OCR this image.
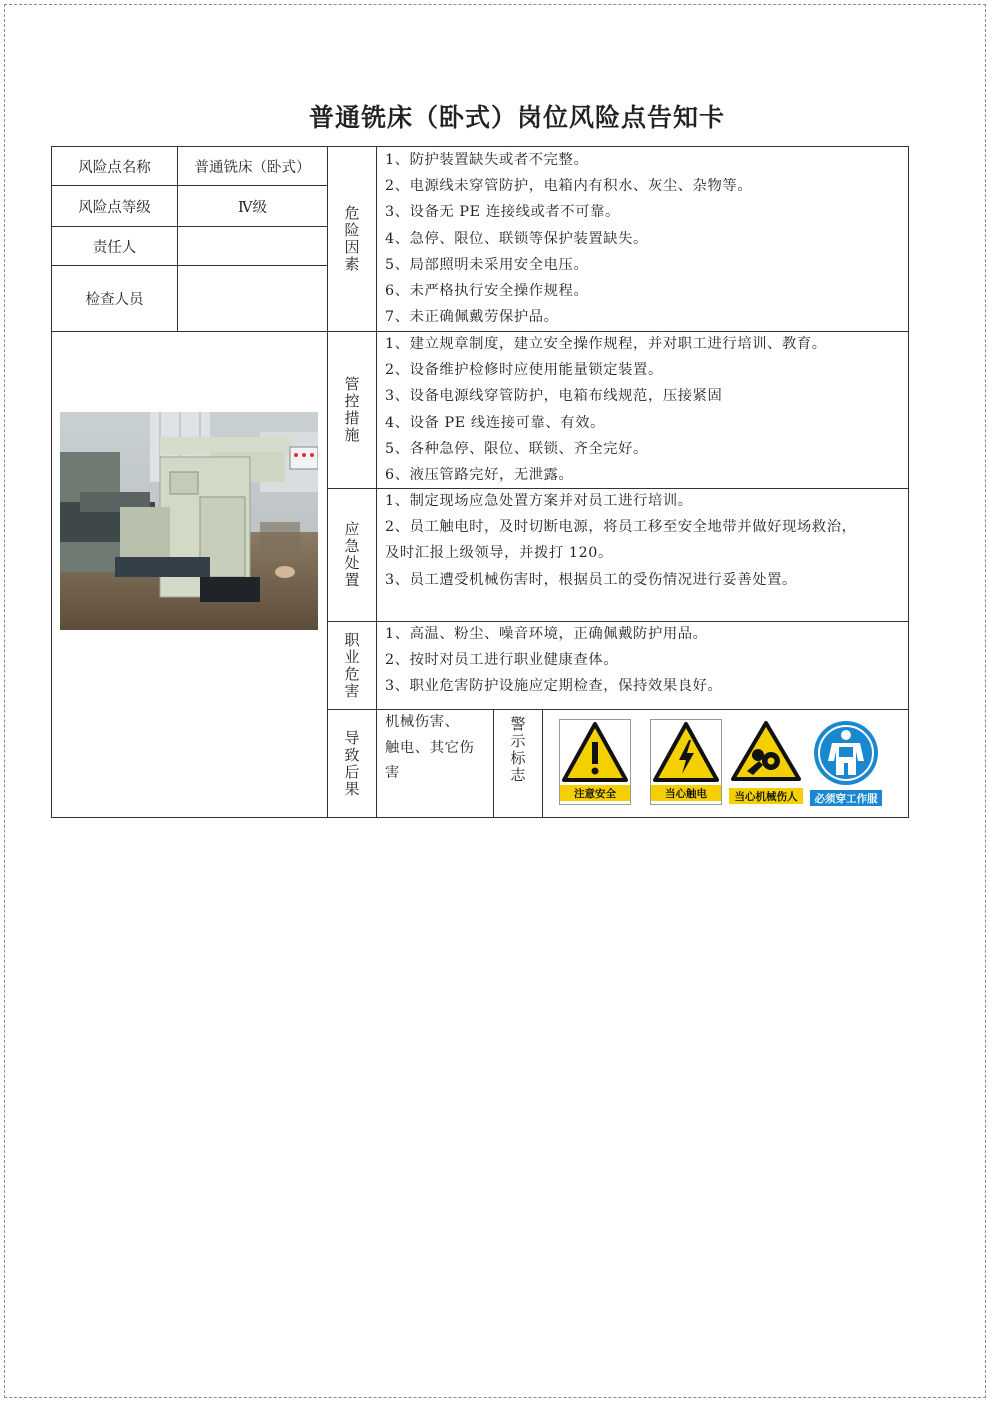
普通铣床（卧式）岗位风险点告知卡
风险点名称	普通铣床（卧式）
风险点等级	Ⅳ级
责任人
检查人员
危
险
因
素
1、防护装置缺失或者不完整。
2、电源线未穿管防护，电箱内有积水、灰尘、杂物等。
3、设备无 PE 连接线或者不可靠。
4、急停、限位、联锁等保护装置缺失。
5、局部照明未采用安全电压。
6、未严格执行安全操作规程。
7、未正确佩戴劳保护品。
管
控
措
施
1、建立规章制度，建立安全操作规程，并对职工进行培训、教育。
2、设备维护检修时应使用能量锁定装置。
3、设备电源线穿管防护，电箱布线规范，压接紧固
4、设备 PE 线连接可靠、有效。
5、各种急停、限位、联锁、齐全完好。
6、液压管路完好，无泄露。
应
急
处
置
1、制定现场应急处置方案并对员工进行培训。
2、员工触电时，及时切断电源，将员工移至安全地带并做好现场救治，
及时汇报上级领导，并拨打 120。
3、员工遭受机械伤害时，根据员工的受伤情况进行妥善处置。
职
业
危
害
1、高温、粉尘、噪音环境，正确佩戴防护用品。
2、按时对员工进行职业健康查体。
3、职业危害防护设施应定期检查，保持效果良好。
导
致
后
果
机械伤害、
触电、其它伤
害
警
示
标
志
注意安全	当心触电	当心机械伤人	必须穿工作服
